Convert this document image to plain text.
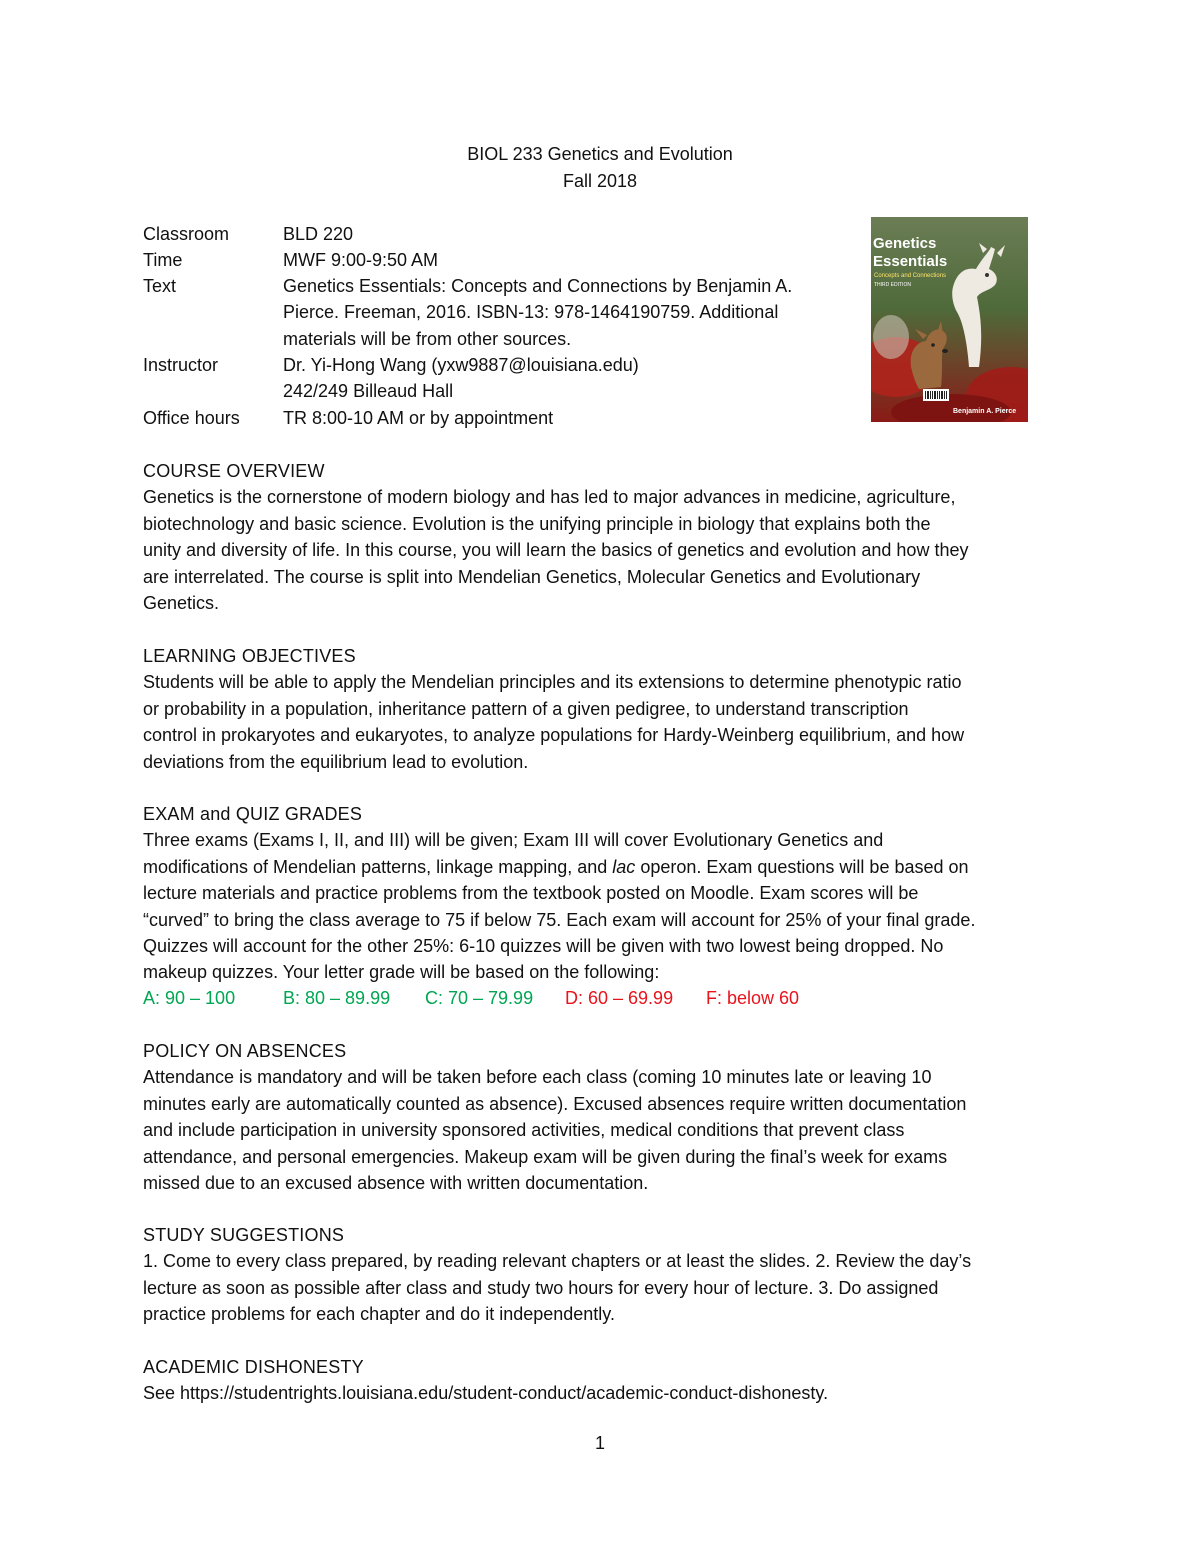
BIOL 233 Genetics and Evolution
Fall 2018
Classroom	BLD 220
Time	MWF 9:00-9:50 AM
Text	Genetics Essentials: Concepts and Connections by Benjamin A.
Pierce. Freeman, 2016. ISBN-13: 978-1464190759. Additional
materials will be from other sources.
Instructor	Dr. Yi-Hong Wang (yxw9887@louisiana.edu)
242/249 Billeaud Hall
Office hours	TR 8:00-10 AM or by appointment
Genetics
Essentials
Concepts and Connections
THIRD EDITION
Benjamin A. Pierce
COURSE OVERVIEW
Genetics is the cornerstone of modern biology and has led to major advances in medicine, agriculture,
biotechnology and basic science. Evolution is the unifying principle in biology that explains both the
unity and diversity of life. In this course, you will learn the basics of genetics and evolution and how they
are interrelated. The course is split into Mendelian Genetics, Molecular Genetics and Evolutionary
Genetics.
LEARNING OBJECTIVES
Students will be able to apply the Mendelian principles and its extensions to determine phenotypic ratio
or probability in a population, inheritance pattern of a given pedigree, to understand transcription
control in prokaryotes and eukaryotes, to analyze populations for Hardy-Weinberg equilibrium, and how
deviations from the equilibrium lead to evolution.
EXAM and QUIZ GRADES
Three exams (Exams I, II, and III) will be given; Exam III will cover Evolutionary Genetics and
modifications of Mendelian patterns, linkage mapping, and lac operon. Exam questions will be based on
lecture materials and practice problems from the textbook posted on Moodle. Exam scores will be
“curved” to bring the class average to 75 if below 75. Each exam will account for 25% of your final grade.
Quizzes will account for the other 25%: 6-10 quizzes will be given with two lowest being dropped. No
makeup quizzes. Your letter grade will be based on the following:
A: 90 – 100	B: 80 – 89.99 C: 70 – 79.99 D: 60 – 69.99 F: below 60
POLICY ON ABSENCES
Attendance is mandatory and will be taken before each class (coming 10 minutes late or leaving 10
minutes early are automatically counted as absence). Excused absences require written documentation
and include participation in university sponsored activities, medical conditions that prevent class
attendance, and personal emergencies. Makeup exam will be given during the final’s week for exams
missed due to an excused absence with written documentation.
STUDY SUGGESTIONS
1. Come to every class prepared, by reading relevant chapters or at least the slides. 2. Review the day’s
lecture as soon as possible after class and study two hours for every hour of lecture. 3. Do assigned
practice problems for each chapter and do it independently.
ACADEMIC DISHONESTY
See https://studentrights.louisiana.edu/student-conduct/academic-conduct-dishonesty.
1
